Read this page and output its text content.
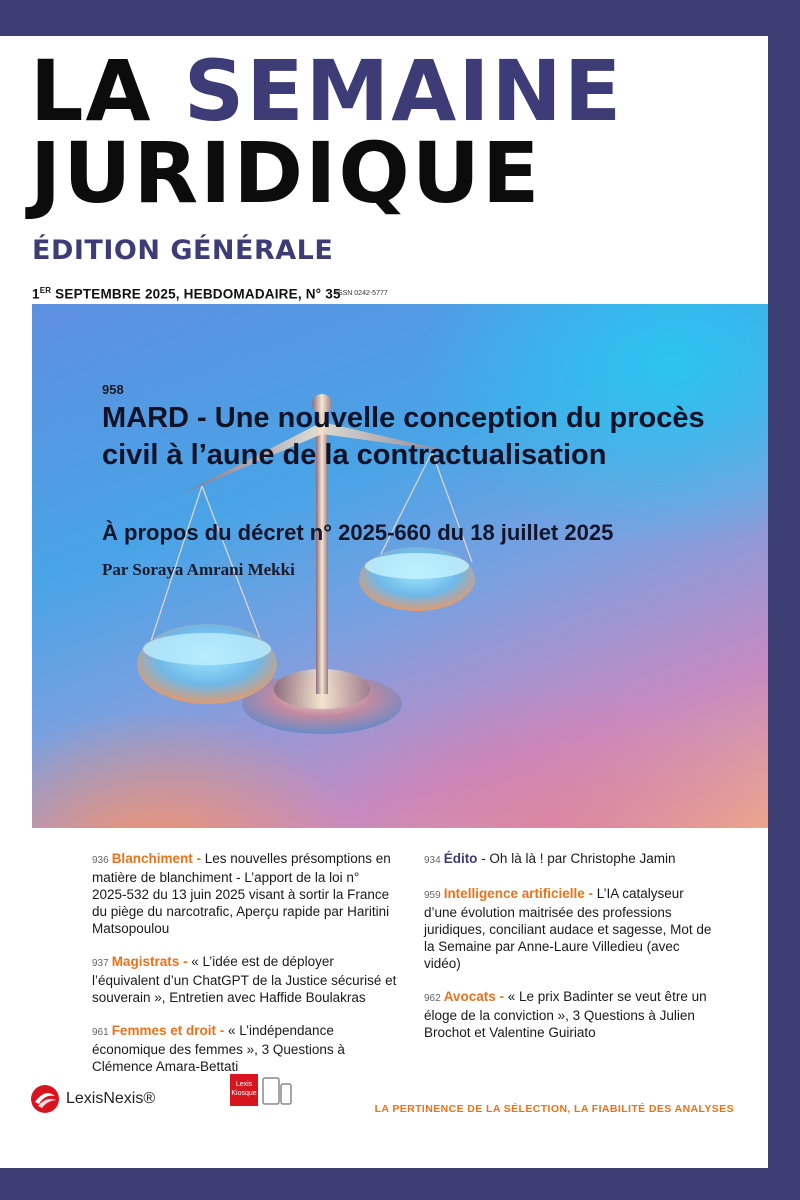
LA SEMAINE
JURIDIQUE
ÉDITION GÉNÉRALE
1ER SEPTEMBRE 2025, HEBDOMADAIRE, N° 35
ISSN 0242-5777
958
MARD - Une nouvelle conception du procès civil à l’aune de la contractualisation
À propos du décret n° 2025-660 du 18 juillet 2025
Par Soraya Amrani Mekki
936 Blanchiment - Les nouvelles présomptions en matière de blanchiment - L’apport de la loi n° 2025-532 du 13 juin 2025 visant à sortir la France du piège du narcotrafic, Aperçu rapide par Haritini Matsopoulou
937 Magistrats - « L’idée est de déployer l’équivalent d’un ChatGPT de la Justice sécurisé et souverain », Entretien avec Haffide Boulakras
961 Femmes et droit - « L’indépendance économique des femmes », 3 Questions à Clémence Amara-Bettati
934 Édito - Oh là là ! par Christophe Jamin
959 Intelligence artificielle - L’IA catalyseur d’une évolution maitrisée des professions juridiques, conciliant audace et sagesse, Mot de la Semaine par Anne-Laure Villedieu (avec vidéo)
962 Avocats - « Le prix Badinter se veut être un éloge de la conviction », 3 Questions à Julien Brochot et Valentine Guiriato
LexisNexis®
Lexis
Kiosque
LA PERTINENCE DE LA SÉLECTION, LA FIABILITÉ DES ANALYSES
